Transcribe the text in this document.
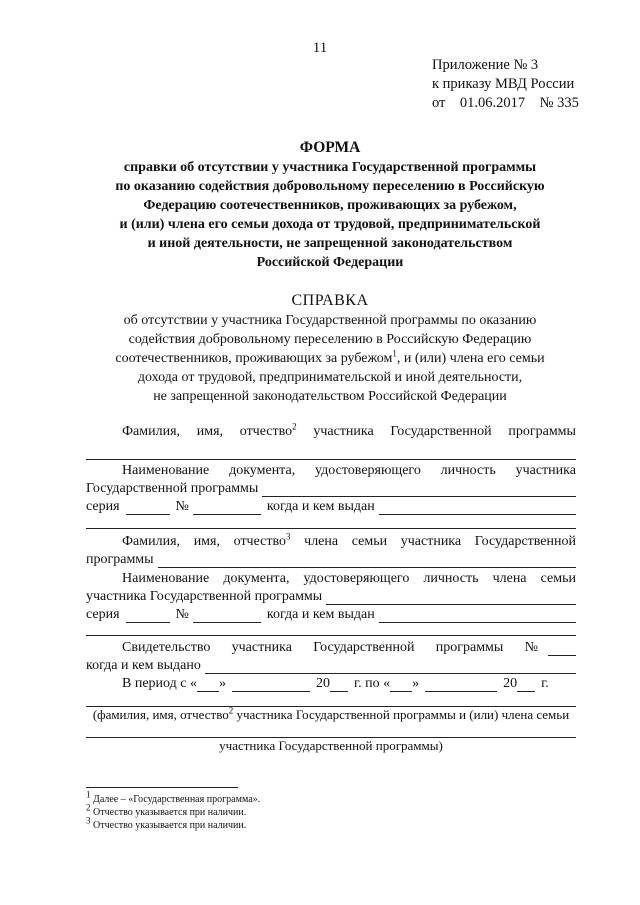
11
Приложение № 3
к приказу МВД России
от 01.06.2017 № 335
ФОРМА
справки об отсутствии у участника Государственной программы
по оказанию содействия добровольному переселению в Российскую
Федерацию соотечественников, проживающих за рубежом,
и (или) члена его семьи дохода от трудовой, предпринимательской
и иной деятельности, не запрещенной законодательством
Российской Федерации
СПРАВКА
об отсутствии у участника Государственной программы по оказанию
содействия добровольному переселению в Российскую Федерацию
соотечественников, проживающих за рубежом$^1$, и (или) члена его семьи
дохода от трудовой, предпринимательской и иной деятельности,
не запрещенной законодательством Российской Федерации
Фамилия, имя, отчество$^2$ участника Государственной программы
Наименование документа, удостоверяющего личность участника
Государственной программы
серия	№	когда и кем выдан
Фамилия, имя, отчество$^3$ члена семьи участника Государственной
программы
Наименование документа, удостоверяющего личность члена семьи
участника Государственной программы
серия	№	когда и кем выдан
Свидетельство участника Государственной программы №
когда и кем выдано
В период с « »	20 г. по « »	20 г.
(фамилия, имя, отчество$^2$ участника Государственной программы и (или) члена семьи
участника Государственной программы)
$^1$ Далее – «Государственная программа».
$^2$ Отчество указывается при наличии.
$^3$ Отчество указывается при наличии.
